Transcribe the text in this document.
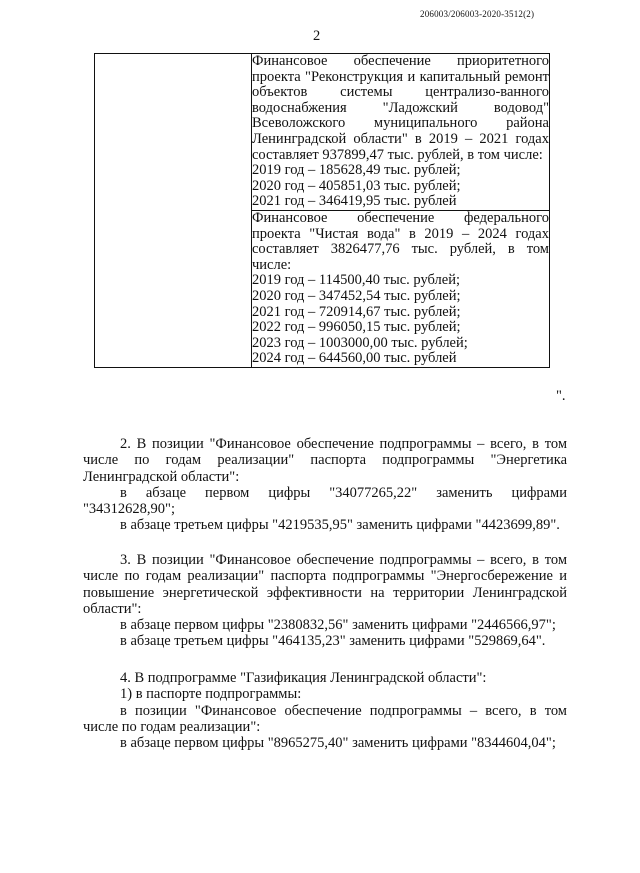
206003/206003-2020-3512(2)
2

Финансовое обеспечение приоритетного проекта "Реконструкция и капитальный ремонт объектов системы централизо-ванного водоснабжения "Ладожский водовод" Всеволожского муниципального района Ленинградской области" в 2019 – 2021 годах составляет 937899,47 тыс. рублей, в том числе:
2019 год – 185628,49 тыс. рублей;
2020 год – 405851,03 тыс. рублей;
2021 год – 346419,95 тыс. рублей

Финансовое обеспечение федерального проекта "Чистая вода" в 2019 – 2024 годах составляет 3826477,76 тыс. рублей, в том числе:
2019 год – 114500,40 тыс. рублей;
2020 год – 347452,54 тыс. рублей;
2021 год – 720914,67 тыс. рублей;
2022 год – 996050,15 тыс. рублей;
2023 год – 1003000,00 тыс. рублей;
2024 год – 644560,00 тыс. рублей
".

2. В позиции "Финансовое обеспечение подпрограммы – всего, в том числе по годам реализации" паспорта подпрограммы "Энергетика Ленинградской области":

в абзаце первом цифры "34077265,22" заменить цифрами "34312628,90";

в абзаце третьем цифры "4219535,95" заменить цифрами "4423699,89".

3. В позиции "Финансовое обеспечение подпрограммы – всего, в том числе по годам реализации" паспорта подпрограммы "Энергосбережение и повышение энергетической эффективности на территории Ленинградской области":

в абзаце первом цифры "2380832,56" заменить цифрами "2446566,97";

в абзаце третьем цифры "464135,23" заменить цифрами "529869,64".

4. В подпрограмме "Газификация Ленинградской области":

1) в паспорте подпрограммы:

в позиции "Финансовое обеспечение подпрограммы – всего, в том числе по годам реализации":

в абзаце первом цифры "8965275,40" заменить цифрами "8344604,04";
